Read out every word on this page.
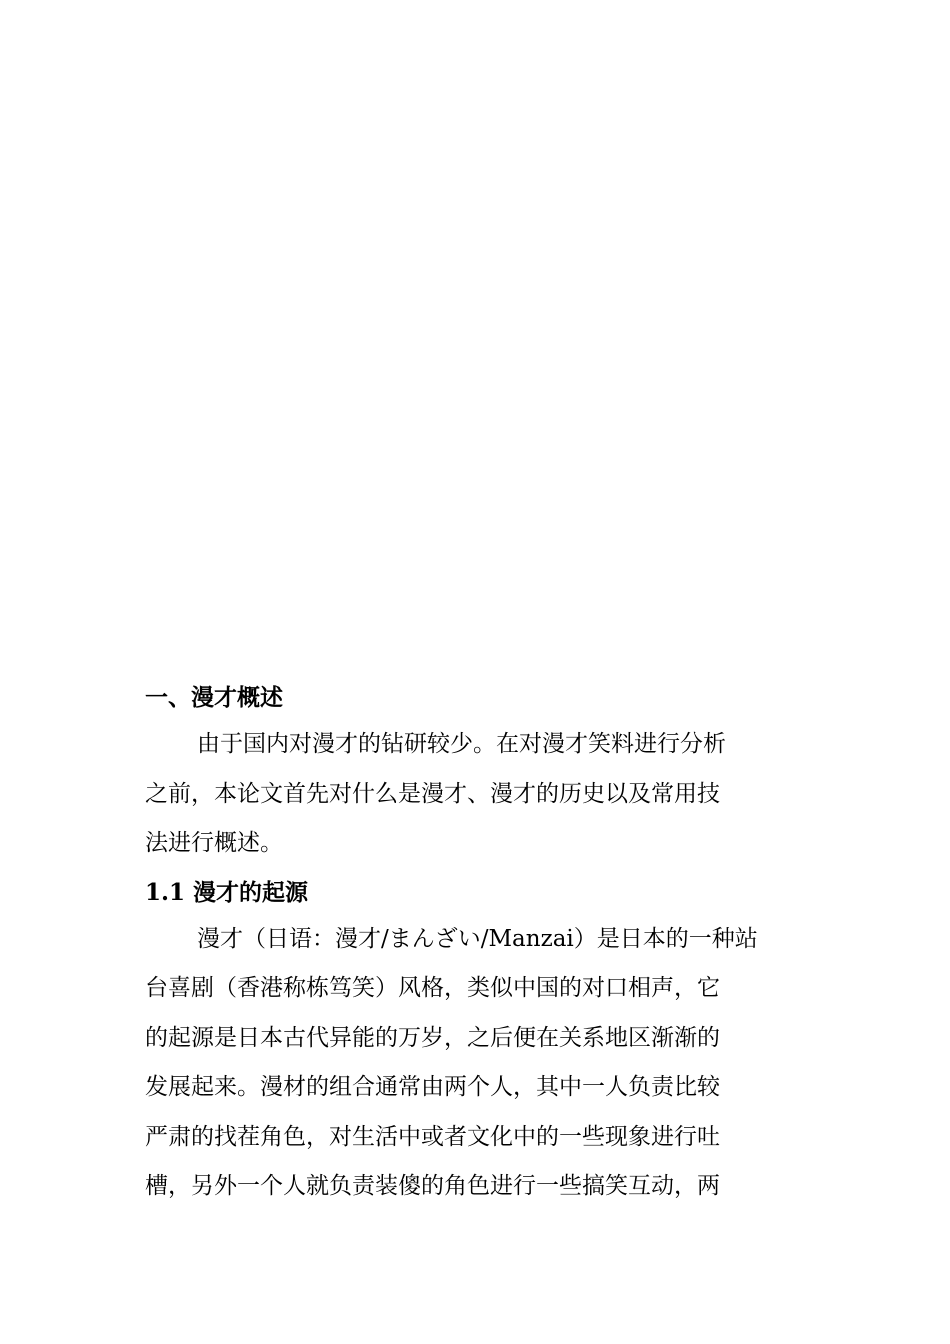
一、漫才概述

由于国内对漫才的钻研较少。在对漫才笑料进行分析
之前，本论文首先对什么是漫才、漫才的历史以及常用技
法进行概述。

1.1 漫才的起源

漫才（日语：漫才/まんざい/Manzai）是日本的一种站
台喜剧（香港称栋笃笑）风格，类似中国的对口相声，它
的起源是日本古代异能的万岁，之后便在关系地区渐渐的
发展起来。漫材的组合通常由两个人，其中一人负责比较
严肃的找茬角色，对生活中或者文化中的一些现象进行吐
槽，另外一个人就负责装傻的角色进行一些搞笑互动，两
